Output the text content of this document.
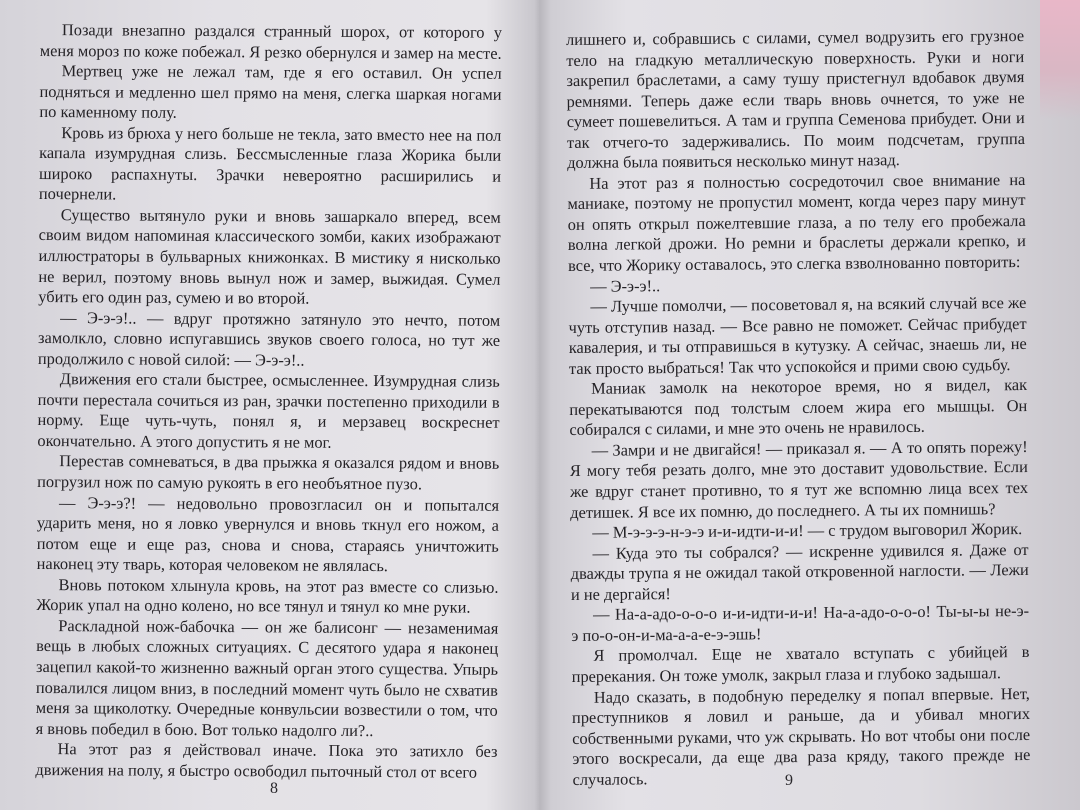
Позади внезапно раздался странный шорох, от которого у меня мороз по коже побежал. Я резко обернулся и замер на месте.

Мертвец уже не лежал там, где я его оставил. Он успел подняться и медленно шел прямо на меня, слегка шаркая ногами по каменному полу.

Кровь из брюха у него больше не текла, зато вместо нее на пол капала изумрудная слизь. Бессмысленные глаза Жорика были широко распахнуты. Зрачки невероятно расширились и почернели.

Существо вытянуло руки и вновь зашаркало вперед, всем своим видом напоминая классического зомби, каких изображают иллюстраторы в бульварных книжонках. В мистику я нисколько не верил, поэтому вновь вынул нож и замер, выжидая. Сумел убить его один раз, сумею и во второй.

— Э-э-э!.. — вдруг протяжно затянуло это нечто, потом замолкло, словно испугавшись звуков своего голоса, но тут же продолжило с новой силой: — Э-э-э!..

Движения его стали быстрее, осмысленнее. Изумрудная слизь почти перестала сочиться из ран, зрачки постепенно приходили в норму. Еще чуть-чуть, понял я, и мерзавец воскреснет окончательно. А этого допустить я не мог.

Перестав сомневаться, в два прыжка я оказался рядом и вновь погрузил нож по самую рукоять в его необъятное пузо.

— Э-э-э?! — недовольно провозгласил он и попытался ударить меня, но я ловко увернулся и вновь ткнул его ножом, а потом еще и еще раз, снова и снова, стараясь уничтожить наконец эту тварь, которая человеком не являлась.

Вновь потоком хлынула кровь, на этот раз вместе со слизью. Жорик упал на одно колено, но все тянул и тянул ко мне руки.

Раскладной нож-бабочка — он же балисонг — незаменимая вещь в любых сложных ситуациях. С десятого удара я наконец зацепил какой-то жизненно важный орган этого существа. Упырь повалился лицом вниз, в последний момент чуть было не схватив меня за щиколотку. Очередные конвульсии возвестили о том, что я вновь победил в бою. Вот только надолго ли?..

На этот раз я действовал иначе. Пока это затихло без движения на полу, я быстро освободил пыточный стол от всего

8

лишнего и, собравшись с силами, сумел водрузить его грузное тело на гладкую металлическую поверхность. Руки и ноги закрепил браслетами, а саму тушу пристегнул вдобавок двумя ремнями. Теперь даже если тварь вновь очнется, то уже не сумеет пошевелиться. А там и группа Семенова прибудет. Они и так отчего-то задерживались. По моим подсчетам, группа должна была появиться несколько минут назад.

На этот раз я полностью сосредоточил свое внимание на маниаке, поэтому не пропустил момент, когда через пару минут он опять открыл пожелтевшие глаза, а по телу его пробежала волна легкой дрожи. Но ремни и браслеты держали крепко, и все, что Жорику оставалось, это слегка взволнованно повторить:

— Э-э-э!..

— Лучше помолчи, — посоветовал я, на всякий случай все же чуть отступив назад. — Все равно не поможет. Сейчас прибудет кавалерия, и ты отправишься в кутузку. А сейчас, знаешь ли, не так просто выбраться! Так что успокойся и прими свою судьбу.

Маниак замолк на некоторое время, но я видел, как перекатываются под толстым слоем жира его мышцы. Он собирался с силами, и мне это очень не нравилось.

— Замри и не двигайся! — приказал я. — А то опять порежу! Я могу тебя резать долго, мне это доставит удовольствие. Если же вдруг станет противно, то я тут же вспомню лица всех тех детишек. Я все их помню, до последнего. А ты их помнишь?

— М-э-э-э-н-э-э и-и-идти-и-и! — с трудом выговорил Жорик.

— Куда это ты собрался? — искренне удивился я. Даже от дважды трупа я не ожидал такой откровенной наглости. — Лежи и не дергайся!

— На-а-адо-о-о-о и-и-идти-и-и! На-а-адо-о-о-о! Ты-ы-ы не-э-э по-о-он-и-ма-а-а-е-э-эшь!

Я промолчал. Еще не хватало вступать с убийцей в пререкания. Он тоже умолк, закрыл глаза и глубоко задышал.

Надо сказать, в подобную переделку я попал впервые. Нет, преступников я ловил и раньше, да и убивал многих собственными руками, что уж скрывать. Но вот чтобы они после этого воскресали, да еще два раза кряду, такого прежде не случалось.	9
